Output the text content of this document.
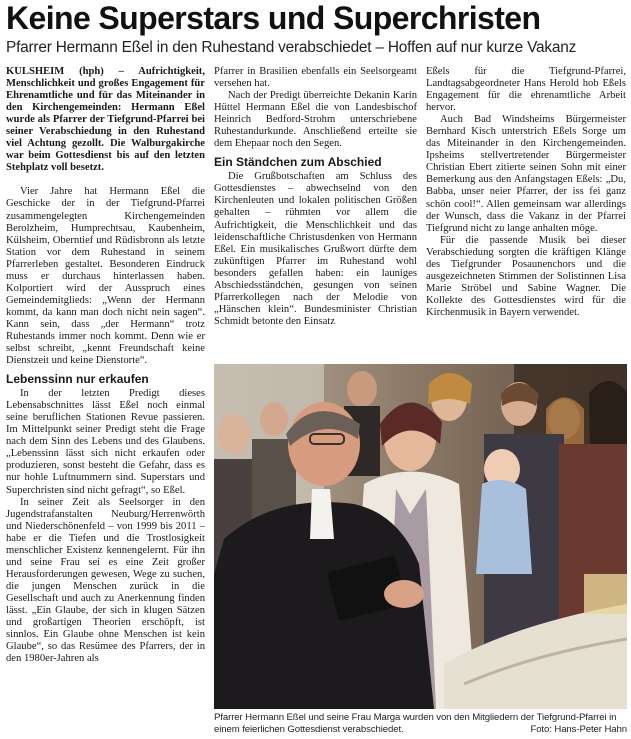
Keine Superstars und Superchristen
Pfarrer Hermann Eßel in den Ruhestand verabschiedet – Hoffen auf nur kurze Vakanz

KÜLSHEIM (hph) – Aufrichtigkeit, Menschlichkeit und großes Engagement für Ehrenamtliche und für das Miteinander in den Kirchengemeinden: Hermann Eßel wurde als Pfarrer der Tiefgrund-Pfarrei bei seiner Verabschiedung in den Ruhestand viel Achtung gezollt. Die Walburgakirche war beim Gottesdienst bis auf den letzten Stehplatz voll besetzt.

Vier Jahre hat Hermann Eßel die Geschicke der in der Tiefgrund-Pfarrei zusammengelegten Kirchengemeinden Berolzheim, Humprechtsau, Kaubenheim, Külsheim, Oberntief und Rüdisbronn als letzte Station vor dem Ruhestand in seinem Pfarrerleben gestaltet. Besonderen Eindruck muss er durchaus hinterlassen haben. Kolportiert wird der Ausspruch eines Gemeindemitglieds: „Wenn der Hermann kommt, da kann man doch nicht nein sagen“. Kann sein, dass „der Hermann“ trotz Ruhestands immer noch kommt. Denn wie er selbst schreibt, „kennt Freundschaft keine Dienstzeit und keine Dienstorte“.

Lebenssinn nur erkaufen

In der letzten Predigt dieses Lebensabschnittes lässt Eßel noch einmal seine beruflichen Stationen Revue passieren. Im Mittelpunkt seiner Predigt steht die Frage nach dem Sinn des Lebens und des Glaubens. „Lebenssinn lässt sich nicht erkaufen oder produzieren, sonst besteht die Gefahr, dass es nur hohle Luftnummern sind. Superstars und Superchristen sind nicht gefragt“, so Eßel.

In seiner Zeit als Seelsorger in den Jugendstrafanstalten Neuburg/Herrenwörth und Niederschönenfeld – von 1999 bis 2011 – habe er die Tiefen und die Trostlosigkeit menschlicher Existenz kennengelernt. Für ihn und seine Frau sei es eine Zeit großer Herausforderungen gewesen, Wege zu suchen, die jungen Menschen zurück in die Gesellschaft und auch zu Anerkennung finden lässt. „Ein Glaube, der sich in klugen Sätzen und großartigen Theorien erschöpft, ist sinnlos. Ein Glaube ohne Menschen ist kein Glaube“, so das Resümee des Pfarrers, der in den 1980er-Jahren als

Pfarrer in Brasilien ebenfalls ein Seelsorgeamt versehen hat.

Nach der Predigt überreichte Dekanin Karin Hüttel Hermann Eßel die von Landesbischof Heinrich Bedford-Strohm unterschriebene Ruhestandurkunde. Anschließend erteilte sie dem Ehepaar noch den Segen.

Ein Ständchen zum Abschied

Die Grußbotschaften am Schluss des Gottesdienstes – abwechselnd von den Kirchenleuten und lokalen politischen Größen gehalten – rühmten vor allem die Aufrichtigkeit, die Menschlichkeit und das leidenschaftliche Christusdenken von Hermann Eßel. Ein musikalisches Grußwort dürfte dem zukünftigen Pfarrer im Ruhestand wohl besonders gefallen haben: ein launiges Abschiedsständchen, gesungen von seinen Pfarrerkollegen nach der Melodie von „Hänschen klein“. Bundesminister Christian Schmidt betonte den Einsatz

Eßels für die Tiefgrund-Pfarrei, Landtagsabgeordneter Hans Herold hob Eßels Engagement für die ehrenamtliche Arbeit hervor.

Auch Bad Windsheims Bürgermeister Bernhard Kisch unterstrich Eßels Sorge um das Miteinander in den Kirchengemeinden. Ipsheims stellvertretender Bürgermeister Christian Ebert zitierte seinen Sohn mit einer Bemerkung aus den Anfangstagen Eßels: „Du, Babba, unser neier Pfarrer, der iss fei ganz schön cool!“. Allen gemeinsam war allerdings der Wunsch, dass die Vakanz in der Pfarrei Tiefgrund nicht zu lange anhalten möge.

Für die passende Musik bei dieser Verabschiedung sorgten die kräftigen Klänge des Tiefgrunder Posaunenchors und die ausgezeichneten Stimmen der Solistinnen Lisa Marie Ströbel und Sabine Wagner. Die Kollekte des Gottesdienstes wird für die Kirchenmusik in Bayern verwendet.

Pfarrer Hermann Eßel und seine Frau Marga wurden von den Mitgliedern der Tiefgrund-Pfarrei in einem feierlichen Gottesdienst verabschiedet.	Foto: Hans-Peter Hahn
